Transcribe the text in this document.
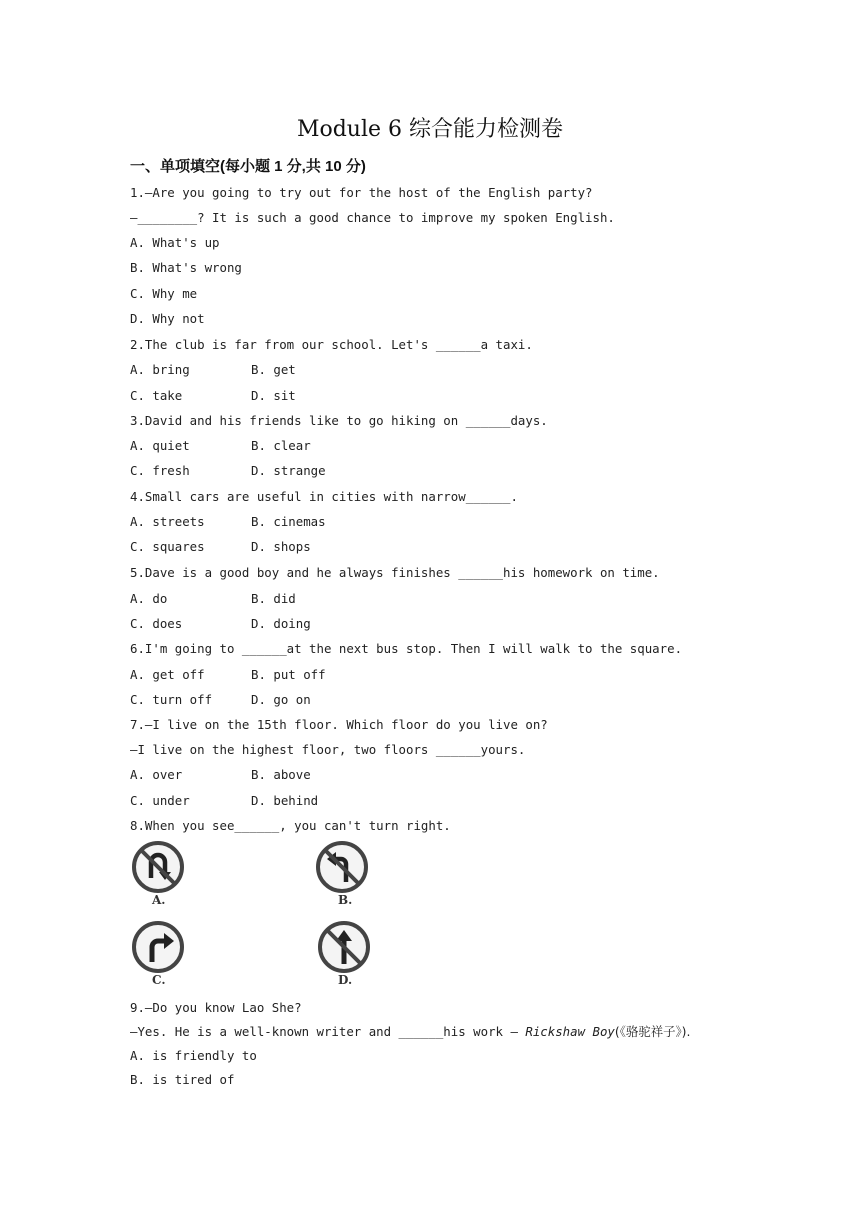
Module 6 综合能力检测卷
一、单项填空(每小题 1 分,共 10 分)
1.—Are you going to try out for the host of the English party?
—________? It is such a good chance to improve my spoken English.
A. What's up
B. What's wrong
C. Why me
D. Why not
2.The club is far from our school. Let's ______a taxi.
A. bring	B. get
C. take	D. sit
3.David and his friends like to go hiking on ______days.
A. quiet	B. clear
C. fresh	D. strange
4.Small cars are useful in cities with narrow______.
A. streets	B. cinemas
C. squares	D. shops
5.Dave is a good boy and he always finishes ______his homework on time.
A. do	B. did
C. does	D. doing
6.I'm going to ______at the next bus stop. Then I will walk to the square.
A. get off	B. put off
C. turn off	D. go on
7.—I live on the 15th floor. Which floor do you live on?
—I live on the highest floor, two floors ______yours.
A. over	B. above
C. under	D. behind
8.When you see______, you can't turn right.
A.	B.
C.	D.
9.—Do you know Lao She?
—Yes. He is a well-known writer and ______his work — Rickshaw Boy(《骆驼祥子》).
A. is friendly to
B. is tired of
